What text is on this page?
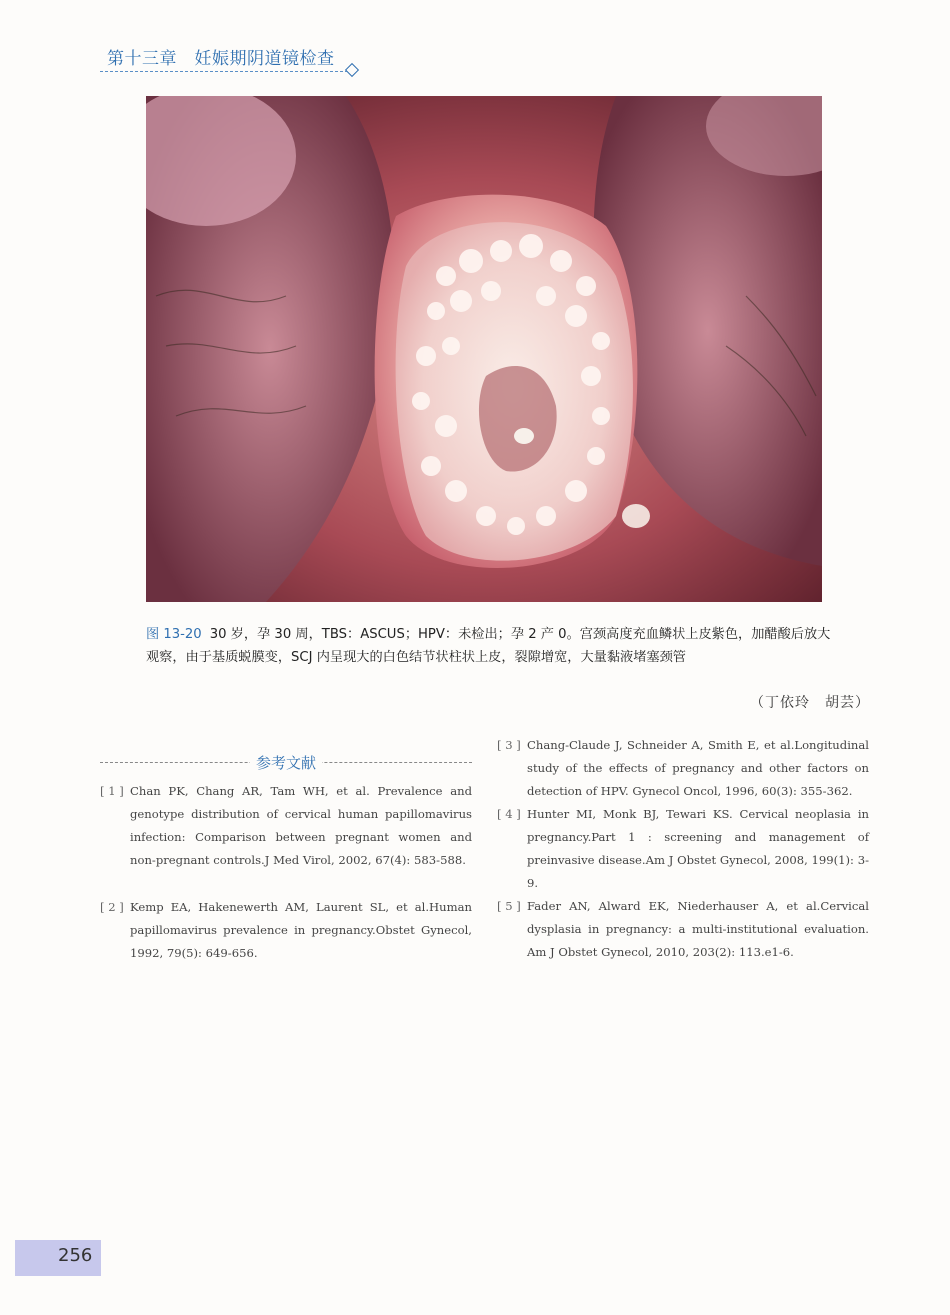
第十三章　妊娠期阴道镜检查
图 13-20 30 岁，孕 30 周，TBS：ASCUS；HPV：未检出；孕 2 产 0。宫颈高度充血鳞状上皮紫色，加醋酸后放大观察，由于基质蜕膜变，SCJ 内呈现大的白色结节状柱状上皮，裂隙增宽，大量黏液堵塞颈管
（丁依玲　胡芸）
参考文献
[ 1 ] Chan PK, Chang AR, Tam WH, et al. Prevalence and genotype distribution of cervical human papillomavirus infection: Comparison between pregnant women and non-pregnant controls.J Med Virol, 2002, 67(4): 583-588.
[ 2 ] Kemp EA, Hakenewerth AM, Laurent SL, et al.Human papillomavirus prevalence in pregnancy.Obstet Gynecol, 1992, 79(5): 649-656.
[ 3 ] Chang-Claude J, Schneider A, Smith E, et al.Longitudinal study of the effects of pregnancy and other factors on detection of HPV. Gynecol Oncol, 1996, 60(3): 355-362.
[ 4 ] Hunter MI, Monk BJ, Tewari KS. Cervical neoplasia in pregnancy.Part 1 : screening and management of preinvasive disease.Am J Obstet Gynecol, 2008, 199(1): 3-9.
[ 5 ] Fader AN, Alward EK, Niederhauser A, et al.Cervical dysplasia in pregnancy: a multi-institutional evaluation. Am J Obstet Gynecol, 2010, 203(2): 113.e1-6.
256
